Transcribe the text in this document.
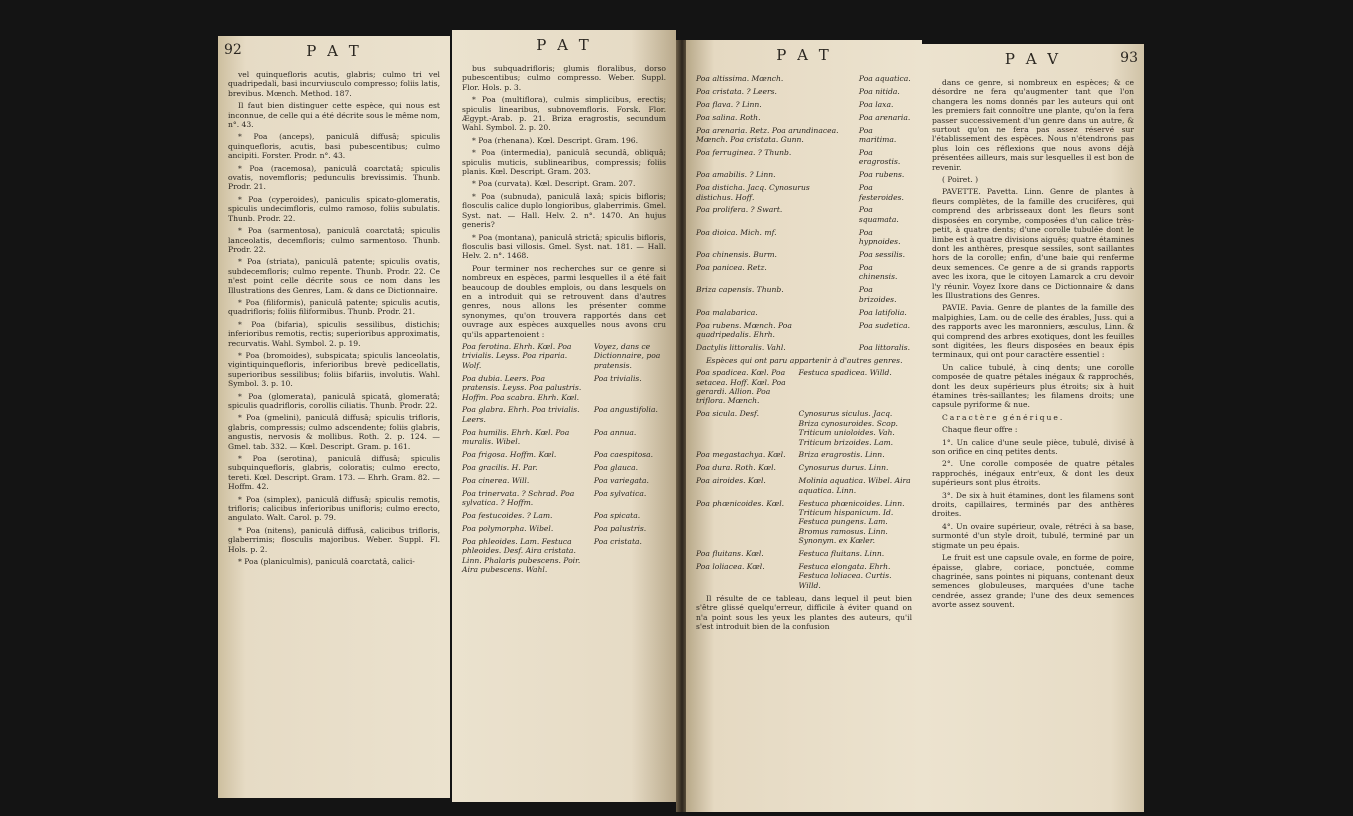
92	P A T

vel quinquefloris acutis, glabris; culmo tri vel quadripedali, basi incurviusculo compresso; foliis latis, brevibus. Mœnch. Method. 187.

Il faut bien distinguer cette espèce, qui nous est inconnue, de celle qui a été décrite sous le même nom, n°. 43.

* Poa (anceps), paniculâ diffusâ; spiculis quinquefloris, acutis, basi pubescentibus; culmo ancipiti. Forster. Prodr. n°. 43.

* Poa (racemosa), paniculâ coarctatâ; spiculis ovatis, novemfloris; pedunculis brevissimis. Thunb. Prodr. 21.

* Poa (cyperoides), paniculis spicato-glomeratis, spiculis undecimfloris, culmo ramoso, foliis subulatis. Thunb. Prodr. 22.

* Poa (sarmentosa), paniculâ coarctatâ; spiculis lanceolatis, decemfloris; culmo sarmentoso. Thunb. Prodr. 22.

* Poa (striata), paniculâ patente; spiculis ovatis, subdecemfloris; culmo repente. Thunb. Prodr. 22. Ce n'est point celle décrite sous ce nom dans les Illustrations des Genres, Lam. & dans ce Dictionnaire.

* Poa (filiformis), paniculâ patente; spiculis acutis, quadrifloris; foliis filiformibus. Thunb. Prodr. 21.

* Poa (bifaria), spiculis sessilibus, distichis; inferioribus remotis, rectis; superioribus approximatis, recurvatis. Wahl. Symbol. 2. p. 19.

* Poa (bromoides), subspicata; spiculis lanceolatis, vigintiquinquefloris, inferioribus brevè pedicellatis, superioribus sessilibus; foliis bifariis, involutis. Wahl. Symbol. 3. p. 10.

* Poa (glomerata), paniculâ spicatâ, glomeratâ; spiculis quadrifloris, corollis ciliatis. Thunb. Prodr. 22.

* Poa (gmelini), paniculâ diffusâ; spiculis trifloris, glabris, compressis; culmo adscendente; foliis glabris, angustis, nervosis & mollibus. Roth. 2. p. 124. — Gmel. tab. 332. — Kœl. Descript. Gram. p. 161.

* Poa (serotina), paniculâ diffusâ; spiculis subquinquefloris, glabris, coloratis; culmo erecto, tereti. Kœl. Descript. Gram. 173. — Ehrh. Gram. 82. — Hoffm. 42.

* Poa (simplex), paniculâ diffusâ; spiculis remotis, trifloris; calicibus inferioribus unifloris; culmo erecto, angulato. Walt. Carol. p. 79.

* Poa (nitens), paniculâ diffusâ, calicibus trifloris, glaberrimis; flosculis majoribus. Weber. Suppl. Fl. Hols. p. 2.

* Poa (planiculmis), paniculâ coarctatâ, calici-

P A T

bus subquadrifloris; glumis floralibus, dorso pubescentibus; culmo compresso. Weber. Suppl. Flor. Hols. p. 3.

* Poa (multiflora), culmis simplicibus, erectis; spiculis linearibus, subnovemfloris. Forsk. Flor. Ægypt.-Arab. p. 21. Briza eragrostis, secundum Wahl. Symbol. 2. p. 20.

* Poa (rhenana). Kœl. Descript. Gram. 196.

* Poa (intermedia), paniculâ secundâ, obliquâ; spiculis muticis, sublinearibus, compressis; foliis planis. Kœl. Descript. Gram. 203.

* Poa (curvata). Kœl. Descript. Gram. 207.

* Poa (subnuda), paniculâ laxâ; spicis bifloris; flosculis calice duplo longioribus, glaberrimis. Gmel. Syst. nat. — Hall. Helv. 2. n°. 1470. An hujus generis?

* Poa (montana), paniculâ strictâ; spiculis bifloris, flosculis basi villosis. Gmel. Syst. nat. 181. — Hall. Helv. 2. n°. 1468.

Pour terminer nos recherches sur ce genre si nombreux en espèces, parmi lesquelles il a été fait beaucoup de doubles emplois, ou dans lesquels on en a introduit qui se retrouvent dans d'autres genres, nous allons les présenter comme synonymes, qu'on trouvera rapportés dans cet ouvrage aux espèces auxquelles nous avons cru qu'ils appartenoient :

Poa ferotina. Ehrh. Kœl. Poa trivialis. Leyss. Poa riparia. Wolf.	Voyez, dans ce Dictionnaire, poa pratensis.
Poa dubia. Leers. Poa pratensis. Leyss. Poa palustris. Hoffm. Poa scabra. Ehrh. Kœl.	Poa trivialis.
Poa glabra. Ehrh. Poa trivialis. Leers.	Poa angustifolia.
Poa humilis. Ehrh. Kœl. Poa muralis. Wibel.	Poa annua.
Poa frigosa. Hoffm. Kœl.	Poa caespitosa.
Poa gracilis. H. Par.	Poa glauca.
Poa cinerea. Will.	Poa variegata.
Poa trinervata. ? Schrad. Poa sylvatica. ? Hoffm.	Poa sylvatica.
Poa festucoides. ? Lam.	Poa spicata.
Poa polymorpha. Wibel.	Poa palustris.
Poa phleoides. Lam. Festuca phleoides. Desf. Aira cristata. Linn. Phalaris pubescens. Poir. Aira pubescens. Wahl.	Poa cristata.
P A T
Poa altissima. Mœnch.	Poa aquatica.
Poa cristata. ? Leers.	Poa nitida.
Poa flava. ? Linn.	Poa laxa.
Poa salina. Roth.	Poa arenaria.
Poa arenaria. Retz. Poa arundinacea. Mœnch. Poa cristata. Gunn.	Poa maritima.
Poa ferruginea. ? Thunb.	Poa eragrostis.
Poa amabilis. ? Linn.	Poa rubens.
Poa disticha. Jacq. Cynosurus distichus. Hoff.	Poa festeroides.
Poa prolifera. ? Swart.	Poa squamata.
Poa dioica. Mich. mf.	Poa hypnoides.
Poa chinensis. Burm.	Poa sessilis.
Poa panicea. Retz.	Poa chinensis.
Briza capensis. Thunb.	Poa brizoides.
Poa malabarica.	Poa latifolia.
Poa rubens. Mœnch. Poa quadripedalis. Ehrh.	Poa sudetica.
Dactylis littoralis. Vahl.	Poa littoralis.

Espèces qui ont paru appartenir à d'autres genres.

Poa spadicea. Kœl. Poa setacea. Hoff. Kœl. Poa gerardi. Allion. Poa triflora. Mœnch.	Festuca spadicea. Willd.
Poa sicula. Desf.	Cynosurus siculus. Jacq. Briza cynosuroides. Scop. Triticum unioloides. Vah. Triticum brizoides. Lam.
Poa megastachya. Kœl.	Briza eragrostis. Linn.
Poa dura. Roth. Kœl.	Cynosurus durus. Linn.
Poa airoides. Kœl.	Molinia aquatica. Wibel. Aira aquatica. Linn.
Poa phœnicoides. Kœl.	Festuca phœnicoides. Linn. Triticum hispanicum. Id. Festuca pungens. Lam. Bromus ramosus. Linn. Synonym. ex Kœler.
Poa fluitans. Kœl.	Festuca fluitans. Linn.
Poa loliacea. Kœl.	Festuca elongata. Ehrh. Festuca loliacea. Curtis. Willd.

Il résulte de ce tableau, dans lequel il peut bien s'être glissé quelqu'erreur, difficile à éviter quand on n'a point sous les yeux les plantes des auteurs, qu'il s'est introduit bien de la confusion

P A V	93

dans ce genre, si nombreux en espèces; & ce désordre ne fera qu'augmenter tant que l'on changera les noms donnés par les auteurs qui ont les premiers fait connoître une plante, qu'on la fera passer successivement d'un genre dans un autre, & surtout qu'on ne fera pas assez réservé sur l'établissement des espèces. Nous n'étendrons pas plus loin ces réflexions que nous avons déjà présentées ailleurs, mais sur lesquelles il est bon de revenir.

( Poiret. )

PAVETTE. Pavetta. Linn. Genre de plantes à fleurs complètes, de la famille des crucifères, qui comprend des arbrisseaux dont les fleurs sont disposées en corymbe, composées d'un calice très-petit, à quatre dents; d'une corolle tubulée dont le limbe est à quatre divisions aiguës; quatre étamines dont les anthères, presque sessiles, sont saillantes hors de la corolle; enfin, d'une baie qui renferme deux semences. Ce genre a de si grands rapports avec les ixora, que le citoyen Lamarck a cru devoir l'y réunir. Voyez Ixore dans ce Dictionnaire & dans les Illustrations des Genres.

PAVIE. Pavia. Genre de plantes de la famille des malpighies, Lam. ou de celle des érables, Juss. qui a des rapports avec les maronniers, æsculus, Linn. & qui comprend des arbres exotiques, dont les feuilles sont digitées, les fleurs disposées en beaux épis terminaux, qui ont pour caractère essentiel :

Un calice tubulé, à cinq dents; une corolle composée de quatre pétales inégaux & rapprochés, dont les deux supérieurs plus étroits; six à huit étamines très-saillantes; les filamens droits; une capsule pyriforme & nue.

Caractère générique.

Chaque fleur offre :

1°. Un calice d'une seule pièce, tubulé, divisé à son orifice en cinq petites dents.

2°. Une corolle composée de quatre pétales rapprochés, inégaux entr'eux, & dont les deux supérieurs sont plus étroits.

3°. De six à huit étamines, dont les filamens sont droits, capillaires, terminés par des anthères droites.

4°. Un ovaire supérieur, ovale, rétréci à sa base, surmonté d'un style droit, tubulé, terminé par un stigmate un peu épais.

Le fruit est une capsule ovale, en forme de poire, épaisse, glabre, coriace, ponctuée, comme chagrinée, sans pointes ni piquans, contenant deux semences globuleuses, marquées d'une tache cendrée, assez grande; l'une des deux semences avorte assez souvent.
